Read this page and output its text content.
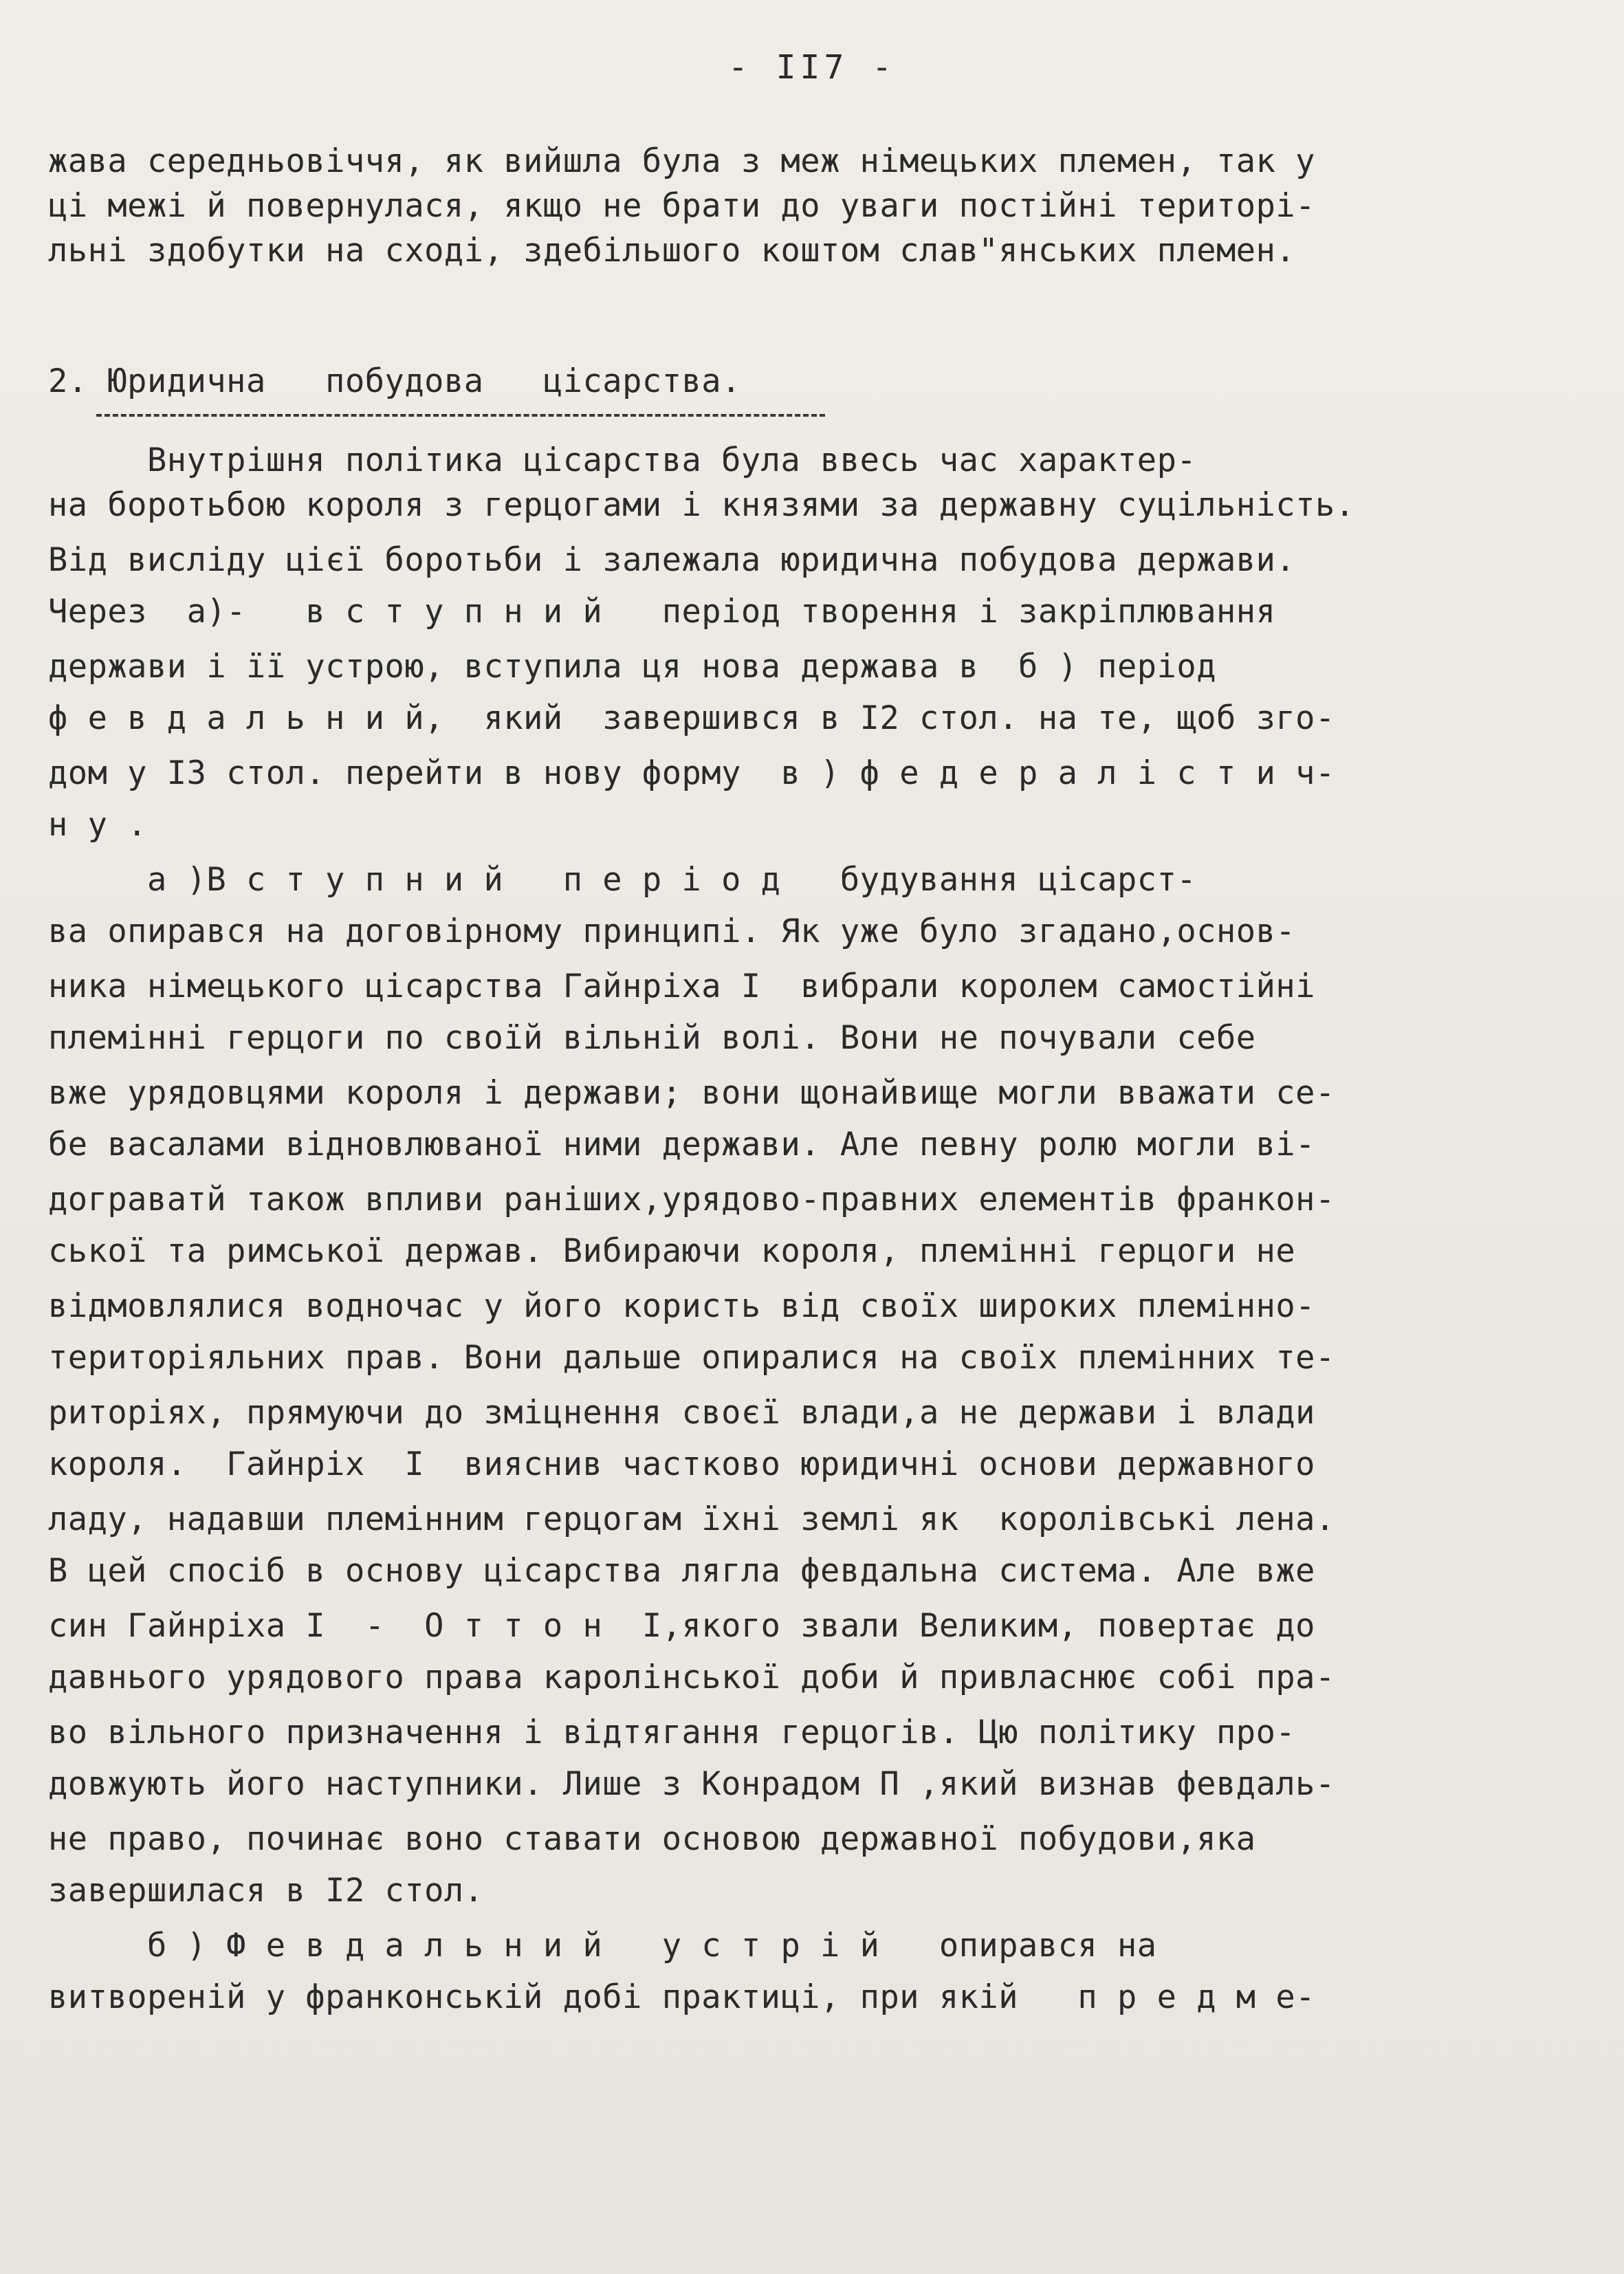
- II7 -
жава середньовіччя, як вийшла була з меж німецьких племен, так у
ці межі й повернулася, якщо не брати до уваги постійні територі-
льні здобутки на сході, здебільшого коштом слав"янських племен.
2. Юридична   побудова   цісарства.
Внутрішня політика цісарства була ввесь час характер-
на боротьбою короля з герцогами і князями за державну суцільність.
Від висліду цієї боротьби і залежала юридична побудова держави.
Через  а)-   в с т у п н и й   період творення і закріплювання
держави і її устрою, вступила ця нова держава в  б ) період
ф е в д а л ь н и й,  який  завершився в I2 стол. на те, щоб зго-
дом у I3 стол. перейти в нову форму  в ) ф е д е р а л і с т и ч-
н у .
а )В с т у п н и й   п е р і о д   будування цісарст-
ва опирався на договірному принципі. Як уже було згадано,основ-
ника німецького цісарства Гайнріха I  вибрали королем самостійні
племінні герцоги по своїй вільній волі. Вони не почували себе
вже урядовцями короля і держави; вони щонайвище могли вважати се-
бе васалами відновлюваної ними держави. Але певну ролю могли ві-
дограватй також впливи раніших,урядово-правних елементів франкон-
ської та римської держав. Вибираючи короля, племінні герцоги не
відмовлялися водночас у його користь від своїх широких племінно-
територіяльних прав. Вони дальше опиралися на своїх племінних те-
риторіях, прямуючи до зміцнення своєї влади,а не держави і влади
короля.  Гайнріх  I  вияснив частково юридичні основи державного
ладу, надавши племінним герцогам їхні землі як  королівські лена.
В цей спосіб в основу цісарства лягла февдальна система. Але вже
син Гайнріха I  -  О т т о н  I,якого звали Великим, повертає до
давнього урядового права каролінської доби й привласнює собі пра-
во вільного призначення і відтягання герцогів. Цю політику про-
довжують його наступники. Лише з Конрадом П ,який визнав февдаль-
не право, починає воно ставати основою державної побудови,яка
завершилася в I2 стол.
б ) Ф е в д а л ь н и й   у с т р і й   опирався на
витвореній у франконській добі практиці, при якій   п р е д м е-
